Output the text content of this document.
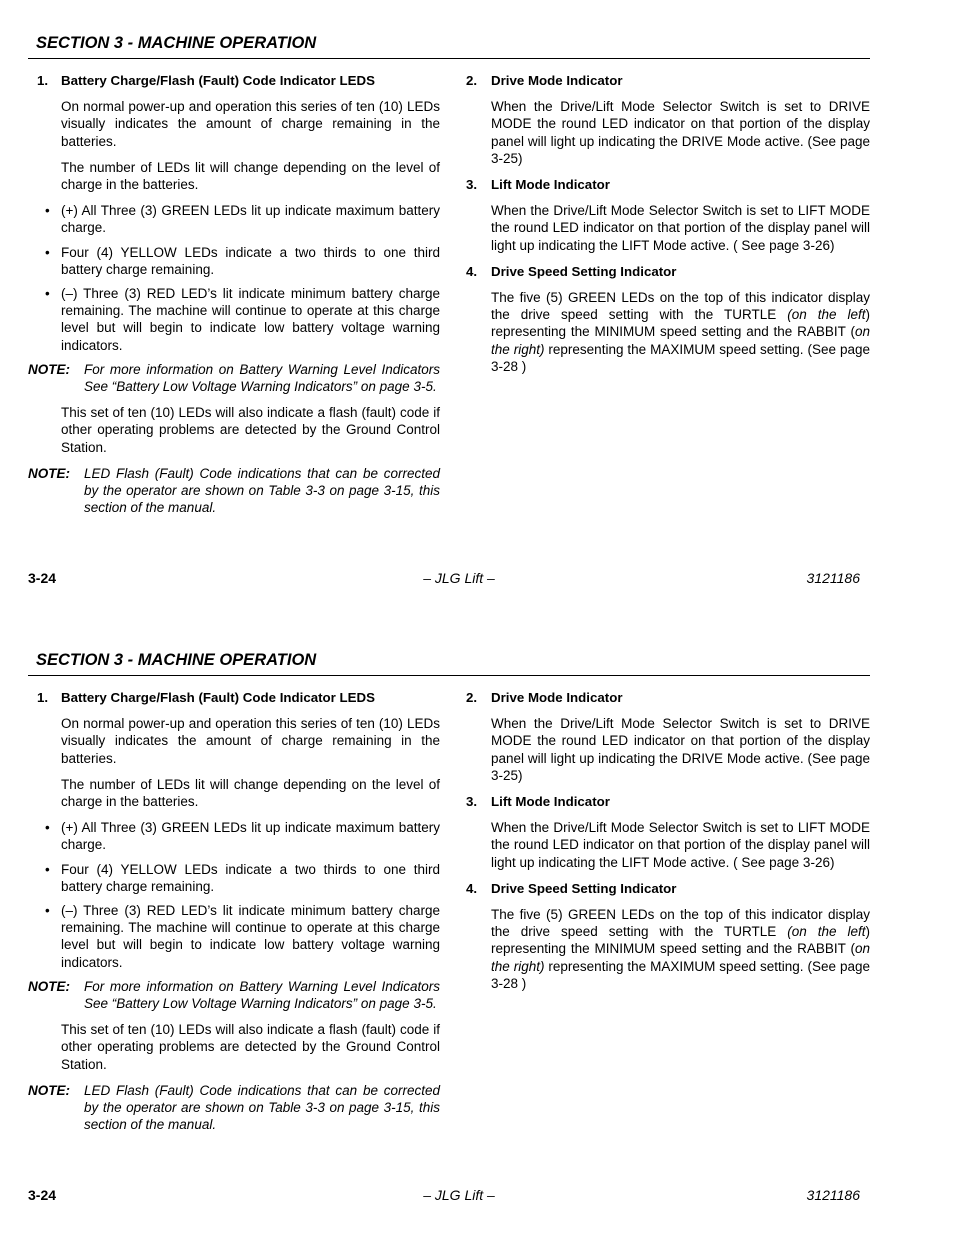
SECTION 3 - MACHINE OPERATION
1. Battery Charge/Flash (Fault) Code Indicator LEDS
On normal power-up and operation this series of ten (10) LEDs visually indicates the amount of charge remaining in the batteries.
The number of LEDs lit will change depending on the level of charge in the batteries.
• (+) All Three (3) GREEN LEDs lit up indicate maximum battery charge.
• Four (4) YELLOW LEDs indicate a two thirds to one third battery charge remaining.
• (–) Three (3) RED LED’s lit indicate minimum battery charge remaining. The machine will continue to operate at this charge level but will begin to indicate low battery voltage warning indicators.
NOTE:	For more information on Battery Warning Level Indicators See “Battery Low Voltage Warning Indicators” on page 3-5.
This set of ten (10) LEDs will also indicate a flash (fault) code if other operating problems are detected by the Ground Control Station.
NOTE:	LED Flash (Fault) Code indications that can be corrected by the operator are shown on Table 3-3 on page 3-15, this section of the manual.
2.	Drive Mode Indicator
When the Drive/Lift Mode Selector Switch is set to DRIVE MODE the round LED indicator on that portion of the display panel will light up indicating the DRIVE Mode active. (See page 3-25)
3.	Lift Mode Indicator
When the Drive/Lift Mode Selector Switch is set to LIFT MODE the round LED indicator on that portion of the display panel will light up indicating the LIFT Mode active. ( See page 3-26)
4.	Drive Speed Setting Indicator
The five (5) GREEN LEDs on the top of this indicator display the drive speed setting with the TURTLE (on the left) representing the MINIMUM speed setting and the RABBIT (on the right) representing the MAXIMUM speed setting. (See page 3-28 )
3-24	– JLG Lift –	3121186
SECTION 3 - MACHINE OPERATION
1. Battery Charge/Flash (Fault) Code Indicator LEDS
On normal power-up and operation this series of ten (10) LEDs visually indicates the amount of charge remaining in the batteries.
The number of LEDs lit will change depending on the level of charge in the batteries.
• (+) All Three (3) GREEN LEDs lit up indicate maximum battery charge.
• Four (4) YELLOW LEDs indicate a two thirds to one third battery charge remaining.
• (–) Three (3) RED LED’s lit indicate minimum battery charge remaining. The machine will continue to operate at this charge level but will begin to indicate low battery voltage warning indicators.
NOTE:	For more information on Battery Warning Level Indicators See “Battery Low Voltage Warning Indicators” on page 3-5.
This set of ten (10) LEDs will also indicate a flash (fault) code if other operating problems are detected by the Ground Control Station.
NOTE:	LED Flash (Fault) Code indications that can be corrected by the operator are shown on Table 3-3 on page 3-15, this section of the manual.
2.	Drive Mode Indicator
When the Drive/Lift Mode Selector Switch is set to DRIVE MODE the round LED indicator on that portion of the display panel will light up indicating the DRIVE Mode active. (See page 3-25)
3.	Lift Mode Indicator
When the Drive/Lift Mode Selector Switch is set to LIFT MODE the round LED indicator on that portion of the display panel will light up indicating the LIFT Mode active. ( See page 3-26)
4.	Drive Speed Setting Indicator
The five (5) GREEN LEDs on the top of this indicator display the drive speed setting with the TURTLE (on the left) representing the MINIMUM speed setting and the RABBIT (on the right) representing the MAXIMUM speed setting. (See page 3-28 )
3-24	– JLG Lift –	3121186
